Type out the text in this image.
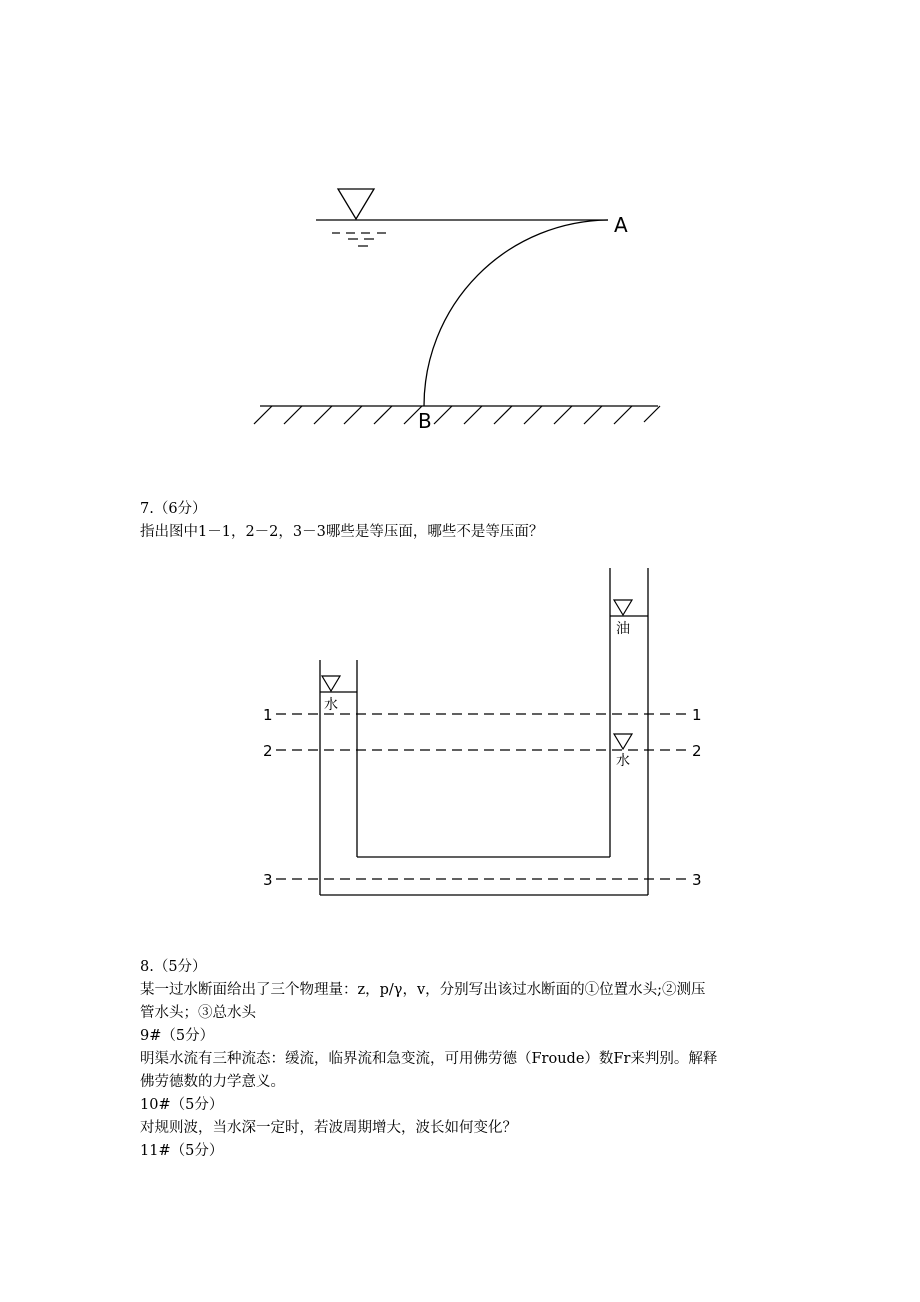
A
B
7.（6分）
指出图中1－1，2－2，3－3哪些是等压面，哪些不是等压面？
水
油
水
1	1
2	2
3	3
8.（5分）
某一过水断面给出了三个物理量：z，p/γ，v，分别写出该过水断面的①位置水头;②测压
管水头；③总水头
9#（5分）
明渠水流有三种流态：缓流，临界流和急变流，可用佛劳德（Froude）数Fr来判别。解释
佛劳德数的力学意义。
10#（5分）
对规则波，当水深一定时，若波周期增大，波长如何变化？
11#（5分）
